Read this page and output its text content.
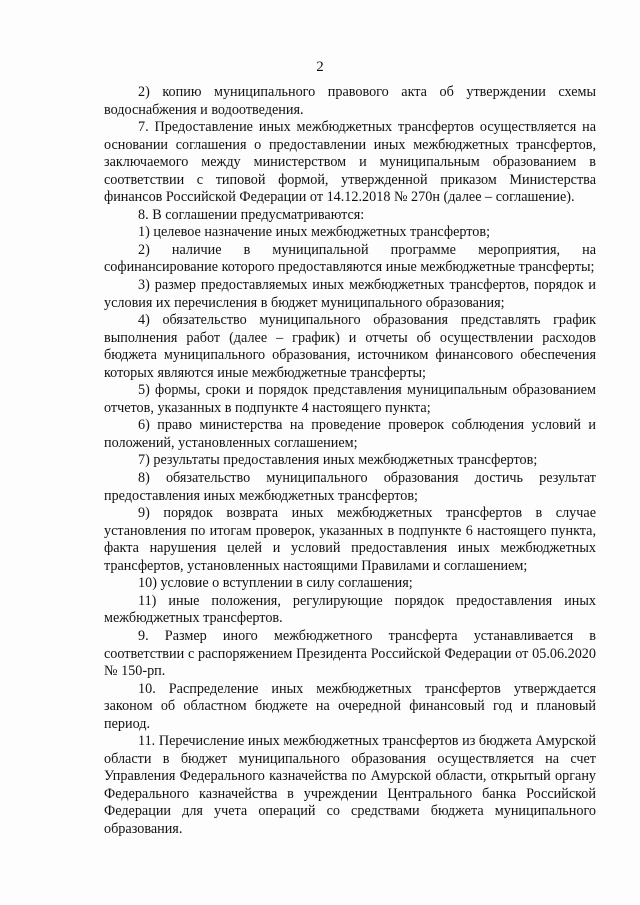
2

2) копию муниципального правового акта об утверждении схемы водоснабжения и водоотведения.

7. Предоставление иных межбюджетных трансфертов осуществляется на основании соглашения о предоставлении иных межбюджетных трансфертов, заключаемого между министерством и муниципальным образованием в соответствии с типовой формой, утвержденной приказом Министерства финансов Российской Федерации от 14.12.2018 № 270н (далее – соглашение).

8. В соглашении предусматриваются:

1) целевое назначение иных межбюджетных трансфертов;

2) наличие в муниципальной программе мероприятия, на софинансирование которого предоставляются иные межбюджетные трансферты;

3) размер предоставляемых иных межбюджетных трансфертов, порядок и условия их перечисления в бюджет муниципального образования;

4) обязательство муниципального образования представлять график выполнения работ (далее – график) и отчеты об осуществлении расходов бюджета муниципального образования, источником финансового обеспечения которых являются иные межбюджетные трансферты;

5) формы, сроки и порядок представления муниципальным образованием отчетов, указанных в подпункте 4 настоящего пункта;

6) право министерства на проведение проверок соблюдения условий и положений, установленных соглашением;

7) результаты предоставления иных межбюджетных трансфертов;

8) обязательство муниципального образования достичь результат предоставления иных межбюджетных трансфертов;

9) порядок возврата иных межбюджетных трансфертов в случае установления по итогам проверок, указанных в подпункте 6 настоящего пункта, факта нарушения целей и условий предоставления иных межбюджетных трансфертов, установленных настоящими Правилами и соглашением;

10) условие о вступлении в силу соглашения;

11) иные положения, регулирующие порядок предоставления иных межбюджетных трансфертов.

9. Размер иного межбюджетного трансферта устанавливается в соответствии с распоряжением Президента Российской Федерации от 05.06.2020 № 150-рп.

10. Распределение иных межбюджетных трансфертов утверждается законом об областном бюджете на очередной финансовый год и плановый период.

11. Перечисление иных межбюджетных трансфертов из бюджета Амурской области в бюджет муниципального образования осуществляется на счет Управления Федерального казначейства по Амурской области, открытый органу Федерального казначейства в учреждении Центрального банка Российской Федерации для учета операций со средствами бюджета муниципального образования.
